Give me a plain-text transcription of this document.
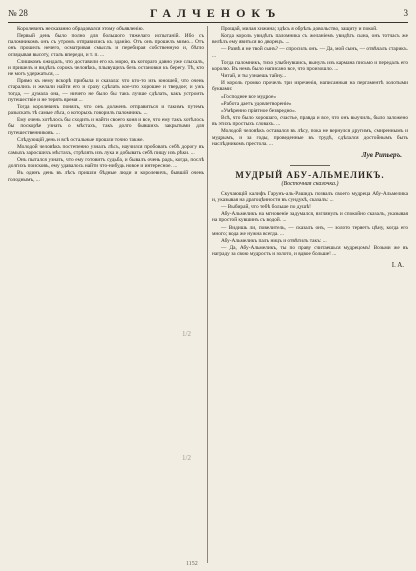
№ 28	ГАЛЧЕНОКЪ	3

Королевичъ несказанно обрадовался этому объявленію.

Первый день было полно для большого тяжелаго испытаній. Ибо съ паломникомъ онъ съ утромъ отправились къ зданію. Отъ онъ прошелъ мимо... Отъ онъ прошелъ нечего, осматривая смыслъ и перебирая собственную и, бѣгло оглядывая высоту, сталъ впереди, и т. п. ...

Слишкомъ ожидалъ, что доставили его къ морю, въ котораго давно уже слыхалъ, и пришелъ и видѣлъ сорокъ человѣкъ, плывущихъ безъ остановки къ берегу. Тѣ, кто не могъ удержаться, ...

Прямо къ нему вскорѣ прибыла и сказала: что кто-то изъ юношей, что очень старались и желали найти его и сразу сдѣлать кое-что хорошее и твердое; и ужъ тогда, — думала она, — ничего не было бы такъ лучше сдѣлать, какъ устроить путешествіе и не терять время ...

Тогда королевичъ понялъ, что онъ долженъ отправиться и такимъ путемъ разыскать тѣ самые лѣса, о которыхъ говорилъ паломникъ. ...

Ему очень хотѣлось бы сходить и найти своего коня и все, что ему такъ хотѣлось бы поскорѣе узнать о мѣстахъ, такъ долго бывшихъ закрытыми для путешественниковъ. ...

Слѣдующій день и всѣ остальные прошли точно также.

Молодой человѣкъ постепенно узналъ лѣсъ, научился пробовать себѣ дорогу въ самыхъ заросшихъ мѣстахъ, стрѣлять изъ лука и добывать себѣ пищу изъ рѣки. ...

Онъ пытался узнать, что ему готовитъ судьба, и бывалъ очень радъ, когда, послѣ долгихъ поисковъ, ему удавалось найти что-нибудь новое и интересное. ...

Въ одинъ день въ лѣсъ пришли бѣдные люди и королевичъ, бывшій очень голоднымъ, ...

Прощай, милая хижина; здѣсь я обрѣлъ довольство, защиту и покой.

Когда король увидѣлъ паломника съ желаніемъ увидѣть сына, онъ тотчасъ же велѣлъ ему явиться во дворецъ. ...

— Развѣ я не твой сынъ? — спросилъ онъ. — Да, мой сынъ, — отвѣчалъ старикъ. ...

Тогда паломникъ, тихо улыбнувшись, вынулъ изъ кармана письмо и передалъ его королю. Въ немъ было написано все, что произошло. ...

Читай, и ты узнаешь тайну...

И король громко прочелъ три изреченія, написанныя на пергаментѣ золотыми буквами:

«Господнее все мудрое»

«Работа даетъ удовлетвореніе»

«Умѣренно пріятное безвредно».

Всѣ, что было хорошаго, счастье, правда и все, что онъ выучилъ, было заложено въ этихъ простыхъ словахъ. ...

Молодой человѣкъ оставался въ лѣсу, пока не вернулся другимъ, смиреннымъ и мудрымъ, и за годы, проведенные въ трудѣ, сдѣлался достойнымъ быть наслѣдникомъ престола. ...

Лув Рипьеръ.
МУДРЫЙ АБУ-АЛЬМЕЛИКЪ.
(Восточная сказочка.)

Скучающій калифъ Гарунъ-аль-Рашидъ позвалъ своего мудреца Абу-Альмелика и, указывая на драгоцѣнности въ сундукѣ, сказалъ: ...

— Выбирай, что тебѣ больше по душѣ!

Абу-Альмеликъ на мгновеніе задумался, взглянулъ и спокойно сказалъ, указывая на простой кувшинъ съ водой. ...

— Видишь ли, повелитель, — сказалъ онъ, — золото теряетъ цѣну, когда его много; вода же нужна всегда. ...

Абу-Альмеликъ палъ ницъ и отвѣтилъ такъ: ...

— Да, Абу-Альмеликъ, ты по праву считаешься мудрецомъ! Возьми же въ награду за свою мудрость и золото, и вдвое больше! ...

I. A.
1/2
1/2
1152
